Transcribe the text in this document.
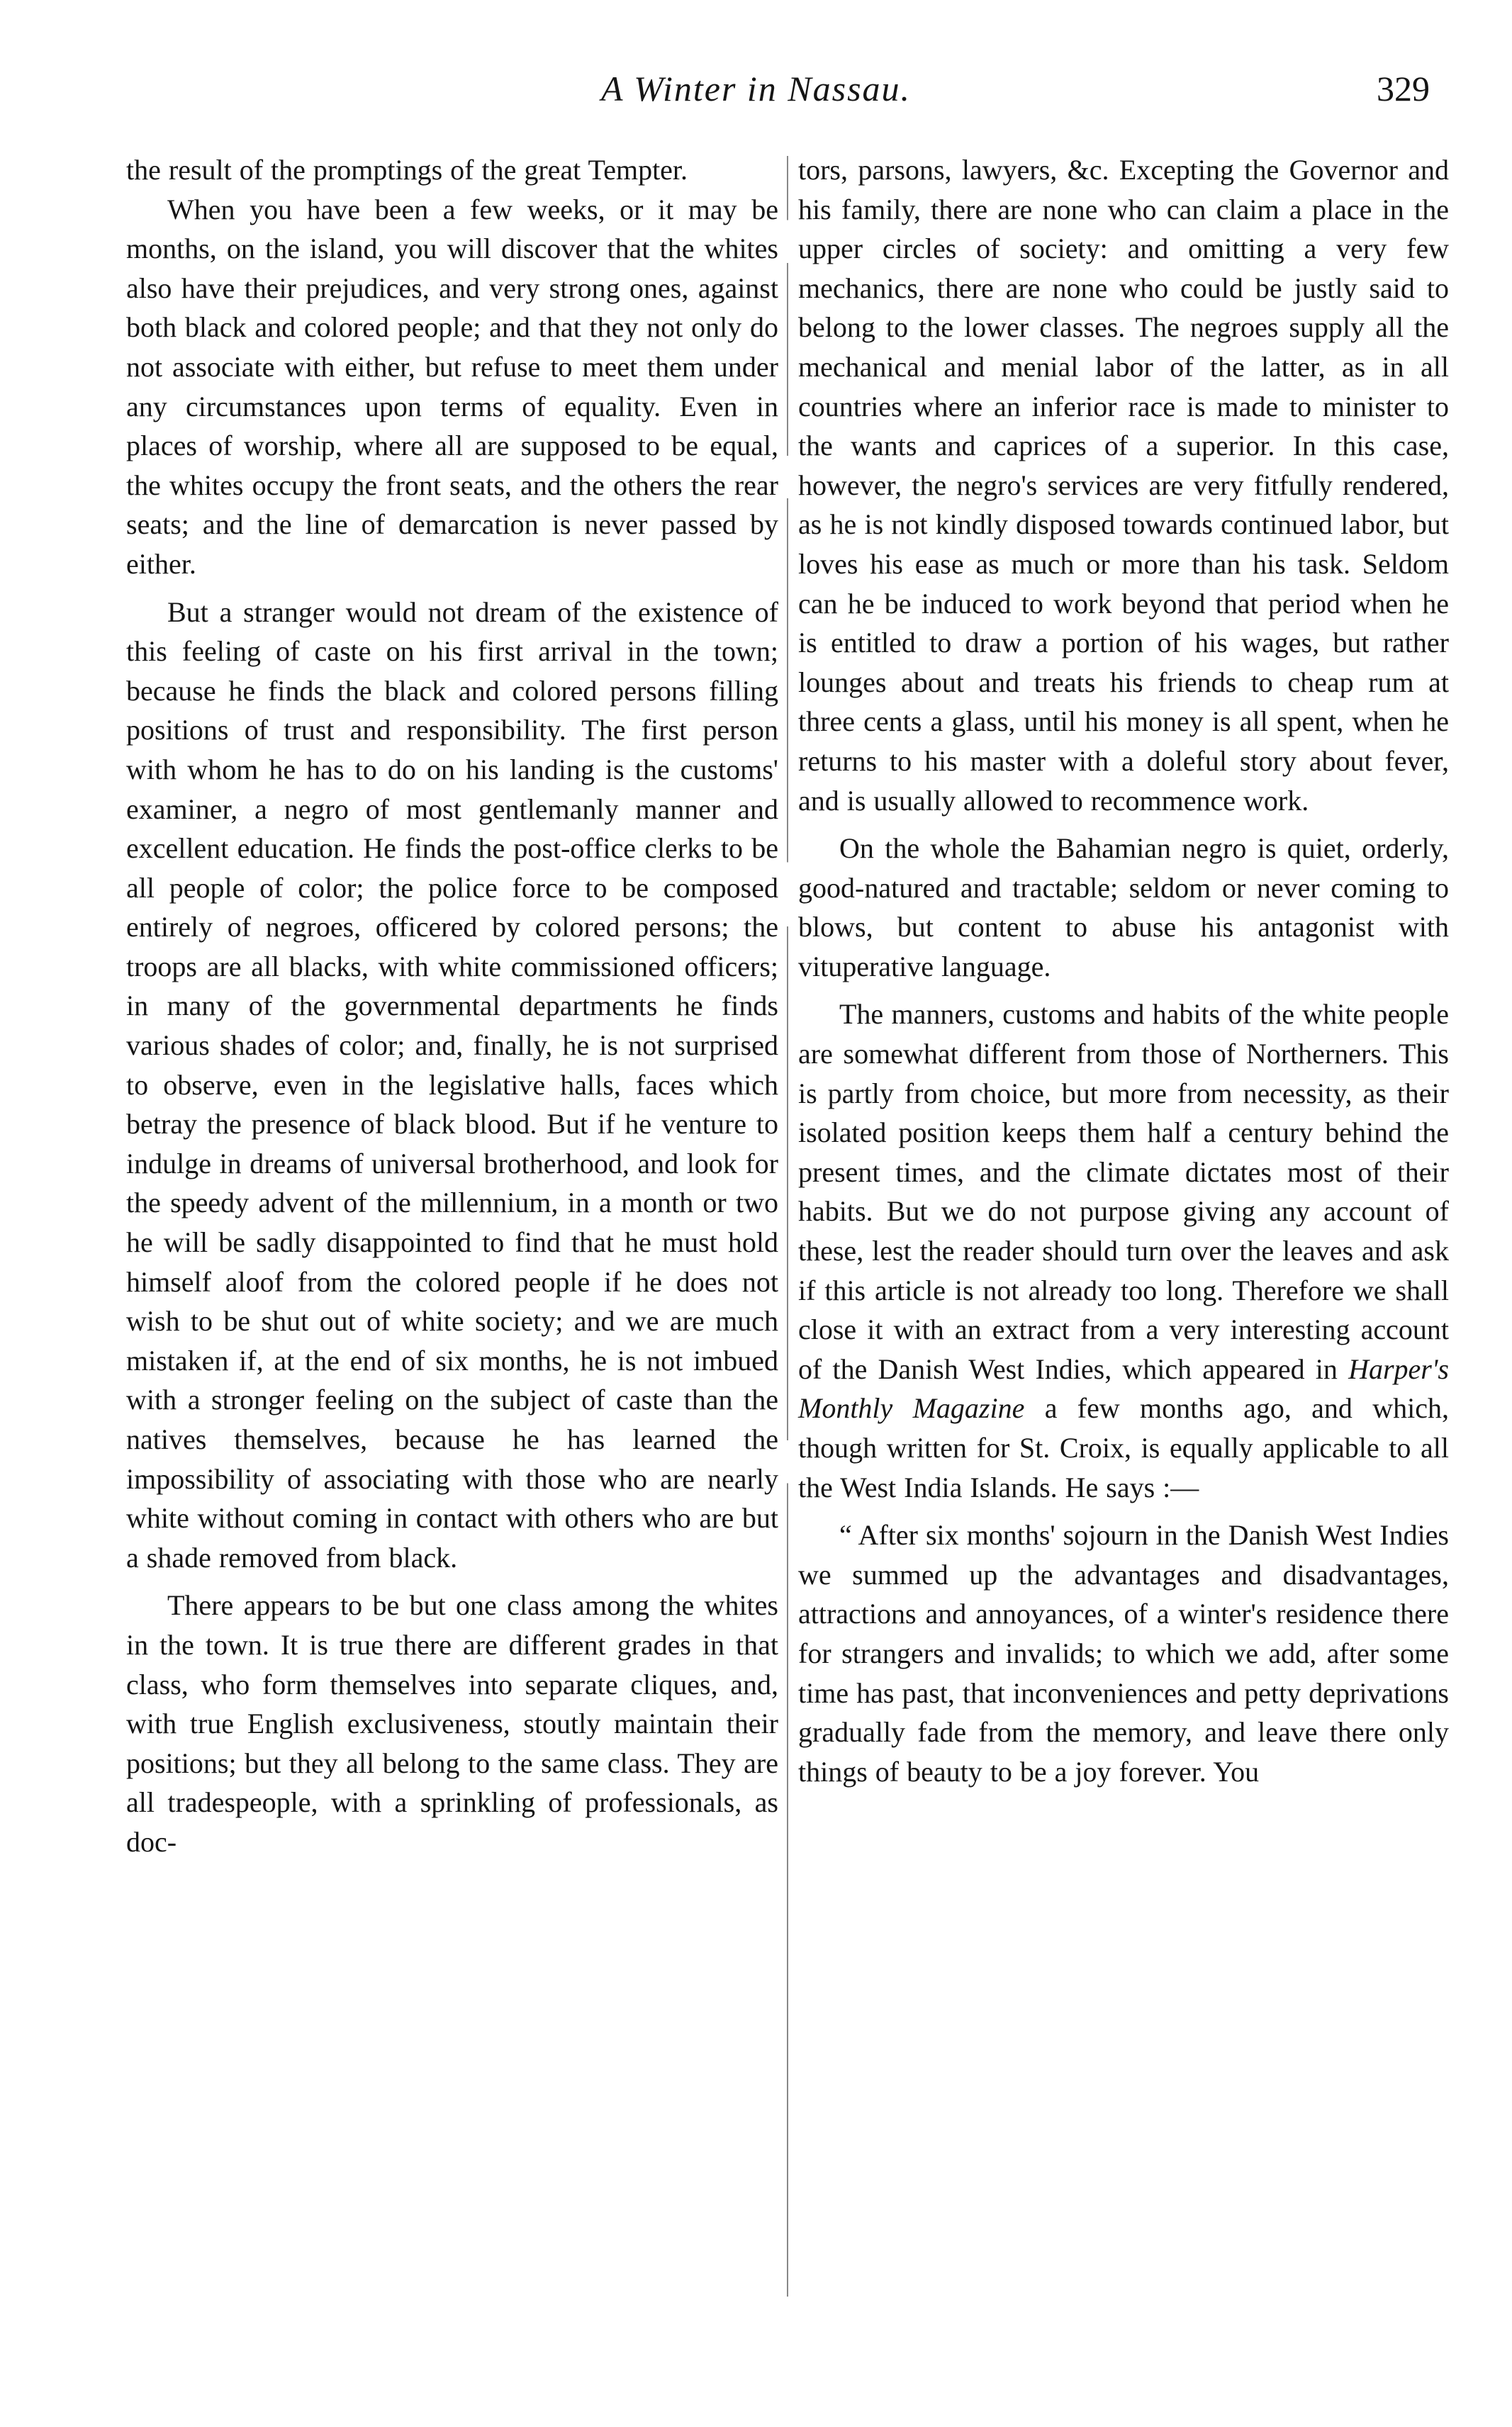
A Winter in Nassau.	329

the result of the promptings of the great Tempter.

When you have been a few weeks, or it may be months, on the island, you will discover that the whites also have their prejudices, and very strong ones, against both black and colored people; and that they not only do not associate with either, but refuse to meet them under any circumstances upon terms of equality. Even in places of worship, where all are supposed to be equal, the whites occupy the front seats, and the others the rear seats; and the line of demarcation is never passed by either.

But a stranger would not dream of the existence of this feeling of caste on his first arrival in the town; because he finds the black and colored persons filling positions of trust and responsibility. The first person with whom he has to do on his landing is the customs' examiner, a negro of most gentlemanly manner and excellent education. He finds the post-office clerks to be all people of color; the police force to be composed entirely of negroes, officered by colored persons; the troops are all blacks, with white commissioned officers; in many of the governmental departments he finds various shades of color; and, finally, he is not surprised to observe, even in the legislative halls, faces which betray the presence of black blood. But if he venture to indulge in dreams of universal brotherhood, and look for the speedy advent of the millennium, in a month or two he will be sadly disappointed to find that he must hold himself aloof from the colored people if he does not wish to be shut out of white society; and we are much mistaken if, at the end of six months, he is not imbued with a stronger feeling on the subject of caste than the natives themselves, because he has learned the impossibility of associating with those who are nearly white without coming in contact with others who are but a shade removed from black.

There appears to be but one class among the whites in the town. It is true there are different grades in that class, who form themselves into separate cliques, and, with true English exclusiveness, stoutly maintain their positions; but they all belong to the same class. They are all tradespeople, with a sprinkling of professionals, as doc-

tors, parsons, lawyers, &c. Excepting the Governor and his family, there are none who can claim a place in the upper circles of society: and omitting a very few mechanics, there are none who could be justly said to belong to the lower classes. The negroes supply all the mechanical and menial labor of the latter, as in all countries where an inferior race is made to minister to the wants and caprices of a superior. In this case, however, the negro's services are very fitfully rendered, as he is not kindly disposed towards continued labor, but loves his ease as much or more than his task. Seldom can he be induced to work beyond that period when he is entitled to draw a portion of his wages, but rather lounges about and treats his friends to cheap rum at three cents a glass, until his money is all spent, when he returns to his master with a doleful story about fever, and is usually allowed to recommence work.

On the whole the Bahamian negro is quiet, orderly, good-natured and tractable; seldom or never coming to blows, but content to abuse his antagonist with vituperative language.

The manners, customs and habits of the white people are somewhat different from those of Northerners. This is partly from choice, but more from necessity, as their isolated position keeps them half a century behind the present times, and the climate dictates most of their habits. But we do not purpose giving any account of these, lest the reader should turn over the leaves and ask if this article is not already too long. Therefore we shall close it with an extract from a very interesting account of the Danish West Indies, which appeared in Harper's Monthly Magazine a few months ago, and which, though written for St. Croix, is equally applicable to all the West India Islands. He says :—

“ After six months' sojourn in the Danish West Indies we summed up the advantages and disadvantages, attractions and annoyances, of a winter's residence there for strangers and invalids; to which we add, after some time has past, that inconveniences and petty deprivations gradually fade from the memory, and leave there only things of beauty to be a joy forever. You
